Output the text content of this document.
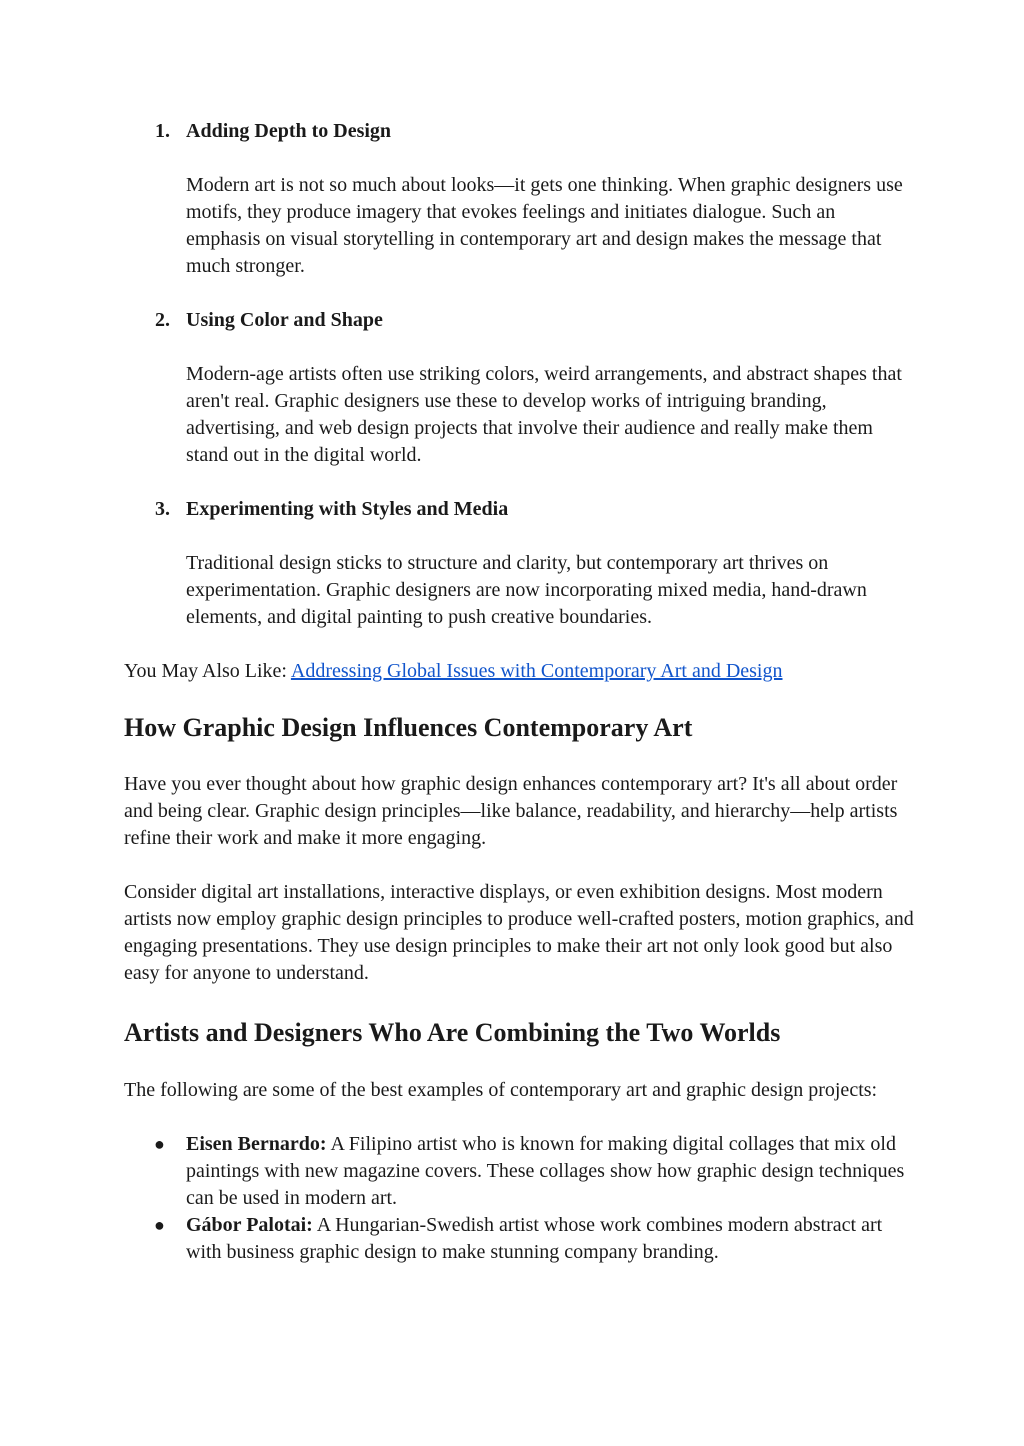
1. Adding Depth to Design

Modern art is not so much about looks—it gets one thinking. When graphic designers use motifs, they produce imagery that evokes feelings and initiates dialogue. Such an emphasis on visual storytelling in contemporary art and design makes the message that much stronger.

2. Using Color and Shape

Modern-age artists often use striking colors, weird arrangements, and abstract shapes that aren't real. Graphic designers use these to develop works of intriguing branding, advertising, and web design projects that involve their audience and really make them stand out in the digital world.

3. Experimenting with Styles and Media

Traditional design sticks to structure and clarity, but contemporary art thrives on experimentation. Graphic designers are now incorporating mixed media, hand-drawn elements, and digital painting to push creative boundaries.

You May Also Like: Addressing Global Issues with Contemporary Art and Design

How Graphic Design Influences Contemporary Art

Have you ever thought about how graphic design enhances contemporary art? It's all about order and being clear. Graphic design principles—like balance, readability, and hierarchy—help artists refine their work and make it more engaging.

Consider digital art installations, interactive displays, or even exhibition designs. Most modern artists now employ graphic design principles to produce well-crafted posters, motion graphics, and engaging presentations. They use design principles to make their art not only look good but also easy for anyone to understand.

Artists and Designers Who Are Combining the Two Worlds

The following are some of the best examples of contemporary art and graphic design projects:

● Eisen Bernardo: A Filipino artist who is known for making digital collages that mix old paintings with new magazine covers. These collages show how graphic design techniques can be used in modern art.

● Gábor Palotai: A Hungarian-Swedish artist whose work combines modern abstract art with business graphic design to make stunning company branding.
